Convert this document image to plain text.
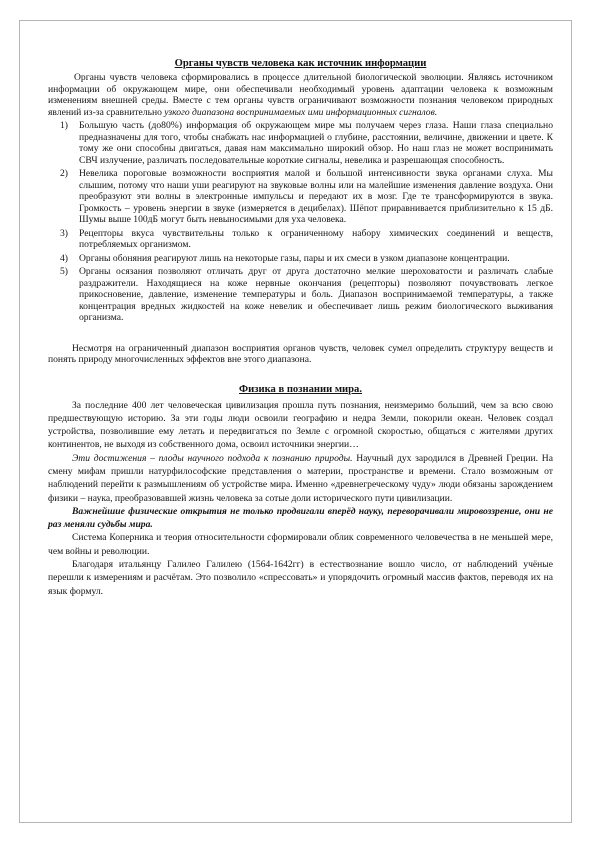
Органы чувств человека как источник информации

Органы чувств человека сформировались в процессе длительной биологической эволюции. Являясь источником информации об окружающем мире, они обеспечивали необходимый уровень адаптации человека к возможным изменениям внешней среды. Вместе с тем органы чувств ограничивают возможности познания человеком природных явлений из-за сравнительно узкого диапазона воспринимаемых ими информационных сигналов.

1) Большую часть (до80%) информация об окружающем мире мы получаем через глаза. Наши глаза специально предназначены для того, чтобы снабжать нас информацией о глубине, расстоянии, величине, движении и цвете. К тому же они способны двигаться, давая нам максимально широкий обзор. Но наш глаз не может воспринимать СВЧ излучение, различать последовательные короткие сигналы, невелика и разрешающая способность.
2) Невелика пороговые возможности восприятия малой и большой интенсивности звука органами слуха. Мы слышим, потому что наши уши реагируют на звуковые волны или на малейшие изменения давление воздуха. Они преобразуют эти волны в электронные импульсы и передают их в мозг. Где те трансформируются в звука. Громкость – уровень энергии в звуке (измеряется в децибелах). Шёпот приравнивается приблизительно к 15 дБ. Шумы выше 100дБ могут быть невыносимыми для уха человека.
3) Рецепторы вкуса чувствительны только к ограниченному набору химических соединений и веществ, потребляемых организмом.
4) Органы обоняния реагируют лишь на некоторые газы, пары и их смеси в узком диапазоне концентрации.
5) Органы осязания позволяют отличать друг от друга достаточно мелкие шероховатости и различать слабые раздражители. Находящиеся на коже нервные окончания (рецепторы) позволяют почувствовать легкое прикосновение, давление, изменение температуры и боль. Диапазон воспринимаемой температуры, а также концентрация вредных жидкостей на коже невелик и обеспечивает лишь режим биологического выживания организма.

Несмотря на ограниченный диапазон восприятия органов чувств, человек сумел определить структуру веществ и понять природу многочисленных эффектов вне этого диапазона.

Физика в познании мира.

За последние 400 лет человеческая цивилизация прошла путь познания, неизмеримо больший, чем за всю свою предшествующую историю. За эти годы люди освоили географию и недра Земли, покорили океан. Человек создал устройства, позволившие ему летать и передвигаться по Земле с огромной скоростью, общаться с жителями других континентов, не выходя из собственного дома, освоил источники энергии…

Эти достижения – плоды научного подхода к познанию природы. Научный дух зародился в Древней Греции. На смену мифам пришли натурфилософские представления о материи, пространстве и времени. Стало возможным от наблюдений перейти к размышлениям об устройстве мира. Именно «древнегреческому чуду» люди обязаны зарождением физики – наука, преобразовавшей жизнь человека за сотые доли исторического пути цивилизации.

Важнейшие физические открытия не только продвигали вперёд науку, переворачивали мировоззрение, они не раз меняли судьбы мира.

Система Коперника и теория относительности сформировали облик современного человечества в не меньшей мере, чем войны и революции.

Благодаря итальянцу Галилео Галилею (1564-1642гг) в естествознание вошло число, от наблюдений учёные перешли к измерениям и расчётам. Это позволило «спрессовать» и упорядочить огромный массив фактов, переводя их на язык формул.
